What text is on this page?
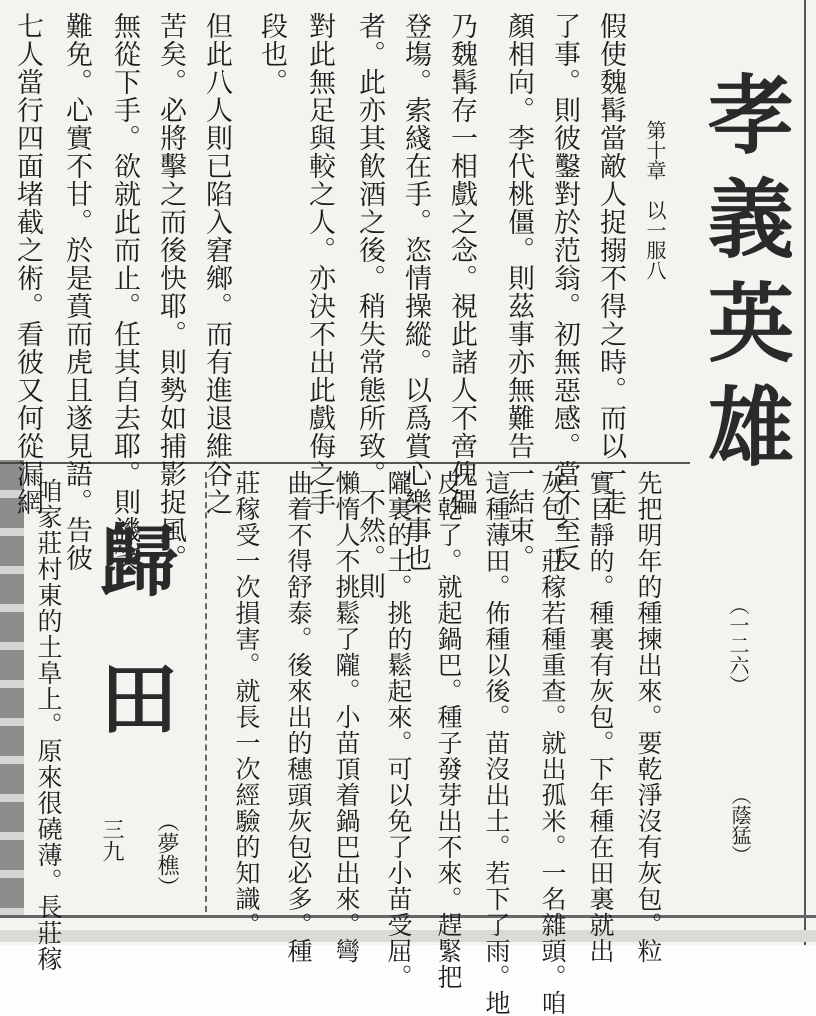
孝義英雄
第十章　以一服八
（一二六）
（蔭猛）
假使魏髯當敵人捉搦不得之時。而以一走
了事。則彼鑿對於范翁。初無惡感。當不至反
顏相向。李代桃僵。則茲事亦無難告一結束。
乃魏髯存一相戲之念。視此諸人不啻傀儡
登塲。索綫在手。恣情操縱。以爲賞心樂事也
者。此亦其飮酒之後。稍失常態所致。不然。則
對此無足與較之人。亦決不出此戲侮之手
段也。
但此八人則已陷入窘鄉。而有進退維谷之
苦矣。必將擊之而後快耶。則勢如捕影捉風。
無從下手。欲就此而止。任其自去耶。則譏笑
難免。心實不甘。於是賁而虎且遂見語。告彼
七人當行四面堵截之術。看彼又何從漏網
先把明年的種揀出來。要乾淨沒有灰包。粒
實目靜的。種裏有灰包。下年種在田裏就出
灰包。莊稼若種重查。就出孤米。一名雜頭。咱
這種薄田。佈種以後。苗沒出土。若下了雨。地
皮乾了。就起鍋巴。種子發芽出不來。趕緊把
隴裏的土。挑的鬆起來。可以免了小苗受屈。
懶惰人不挑鬆了隴。小苗頂着鍋巴出來。彎
曲着不得舒泰。後來出的穗頭灰包必多。種
莊稼受一次損害。就長一次經驗的知識。
歸田
（夢樵）
三九
咱家莊村東的土阜上。原來很磽薄。長莊稼
